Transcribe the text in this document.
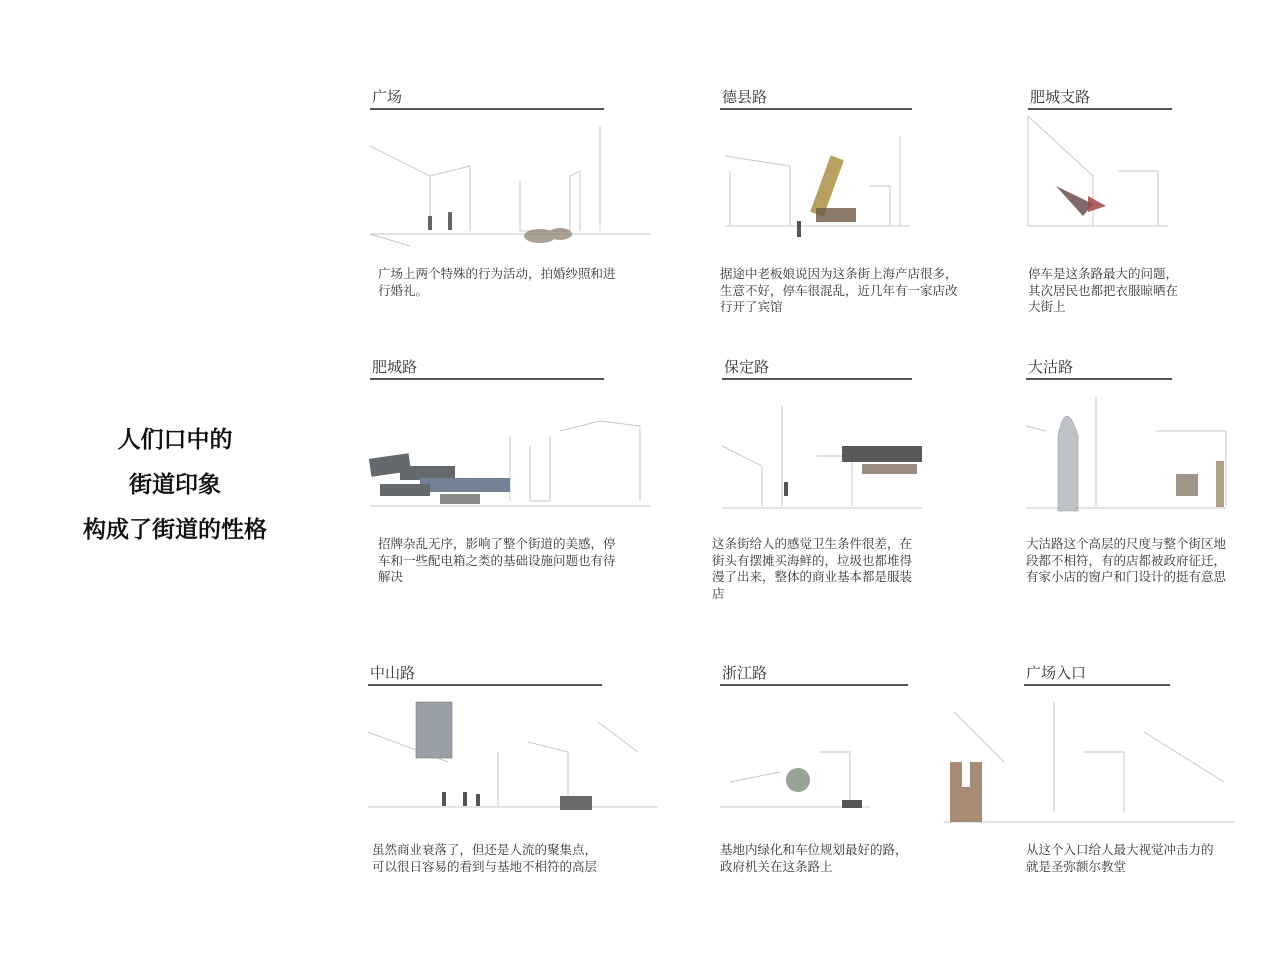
人们口中的
街道印象
构成了街道的性格
广场
广场上两个特殊的行为活动，拍婚纱照和进行婚礼。
德县路
据途中老板娘说因为这条街上海产店很多，生意不好，停车很混乱，近几年有一家店改行开了宾馆
肥城支路
停车是这条路最大的问题，其次居民也都把衣服晾晒在大街上
肥城路
招牌杂乱无序，影响了整个街道的美感，停车和一些配电箱之类的基础设施问题也有待解决
保定路
这条街给人的感觉卫生条件很差，在街头有摆摊买海鲜的，垃圾也都堆得漫了出来，整体的商业基本都是服装店
大沽路
大沽路这个高层的尺度与整个街区地段都不相符，有的店都被政府征迁，有家小店的窗户和门设计的挺有意思
中山路
虽然商业衰落了，但还是人流的聚集点，可以很日容易的看到与基地不相符的高层
浙江路
基地内绿化和车位规划最好的路，政府机关在这条路上
广场入口
从这个入口给人最大视觉冲击力的就是圣弥额尔教堂
